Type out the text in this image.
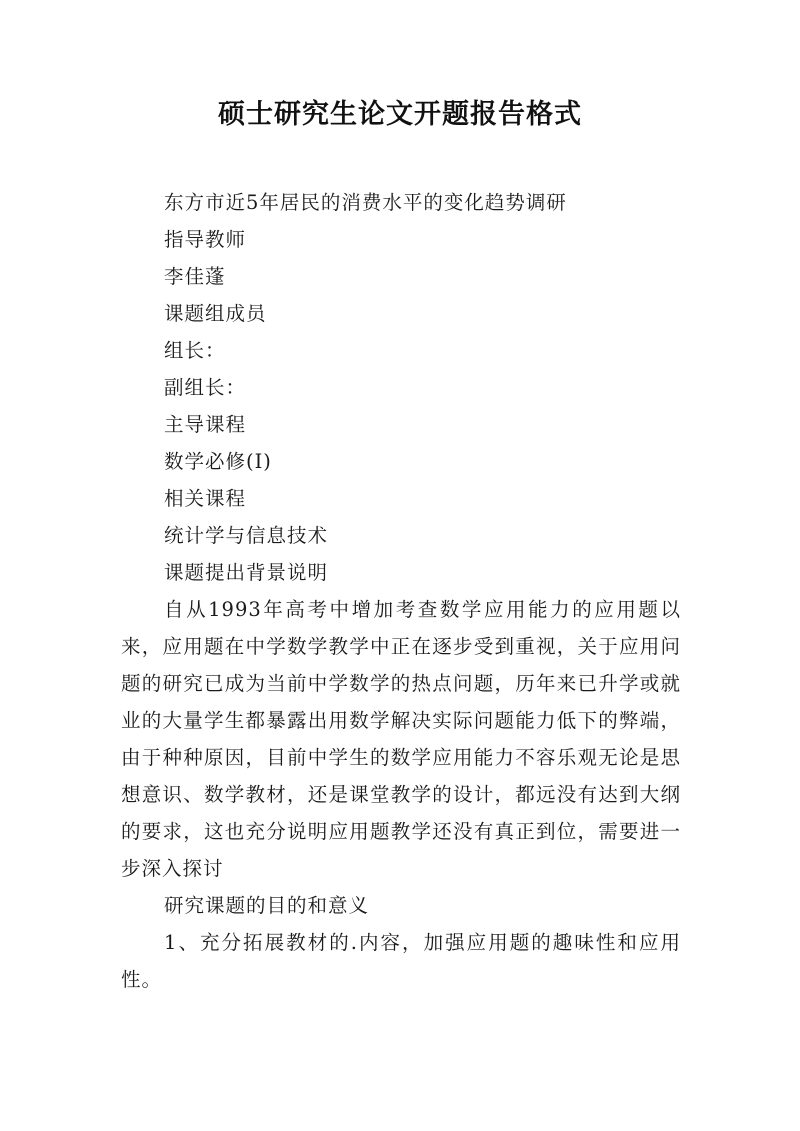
硕士研究生论文开题报告格式

东方市近5年居民的消费水平的变化趋势调研

指导教师

李佳蓬

课题组成员

组长：

副组长：

主导课程

数学必修(I)

相关课程

统计学与信息技术

课题提出背景说明

自从1993年高考中增加考查数学应用能力的应用题以来，应用题在中学数学教学中正在逐步受到重视，关于应用问题的研究已成为当前中学数学的热点问题，历年来已升学或就业的大量学生都暴露出用数学解决实际问题能力低下的弊端，由于种种原因，目前中学生的数学应用能力不容乐观无论是思想意识、数学教材，还是课堂教学的设计，都远没有达到大纲的要求，这也充分说明应用题教学还没有真正到位，需要进一步深入探讨

研究课题的目的和意义

1、充分拓展教材的.内容，加强应用题的趣味性和应用性。
